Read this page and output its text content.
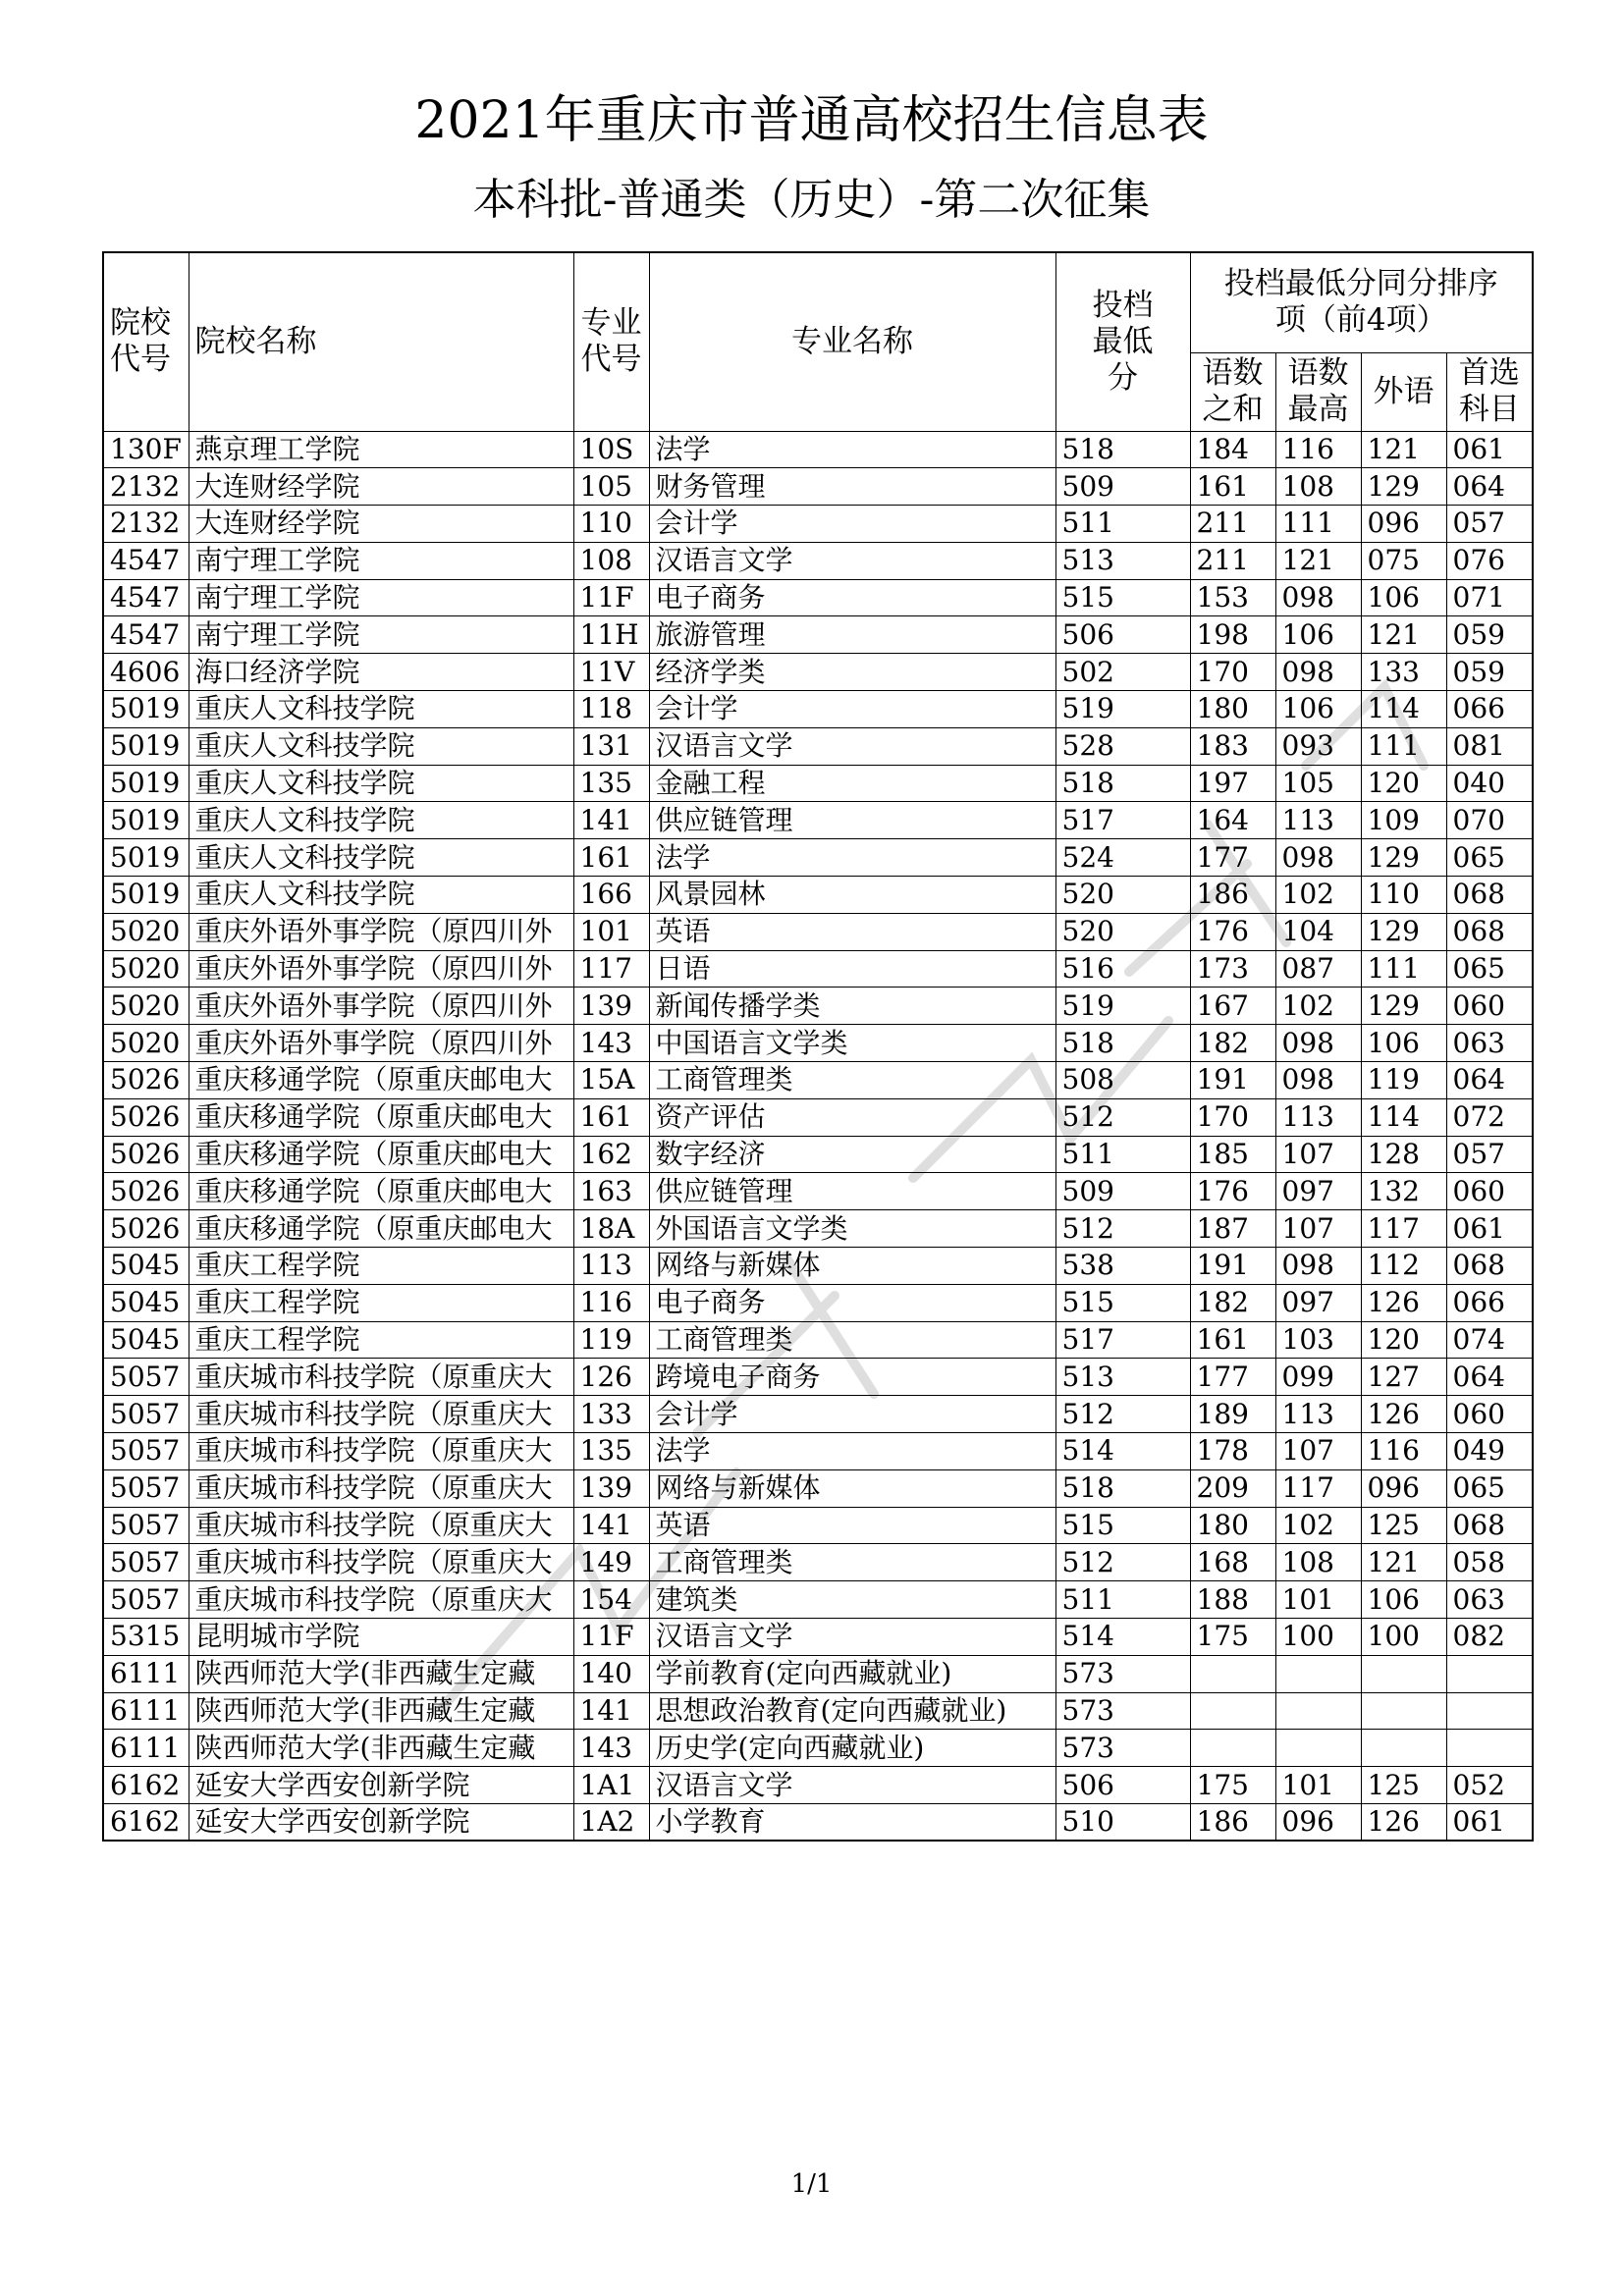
2021年重庆市普通高校招生信息表
本科批-普通类（历史）-第二次征集
院校代号	院校名称	专业代号	专业名称	投档最低分	投档最低分同分排序项（前4项）			
					语数之和	语数最高	外语	首选科目
130F	燕京理工学院	10S	法学	518	184	116	121	061
2132	大连财经学院	105	财务管理	509	161	108	129	064
2132	大连财经学院	110	会计学	511	211	111	096	057
4547	南宁理工学院	108	汉语言文学	513	211	121	075	076
4547	南宁理工学院	11F	电子商务	515	153	098	106	071
4547	南宁理工学院	11H	旅游管理	506	198	106	121	059
4606	海口经济学院	11V	经济学类	502	170	098	133	059
5019	重庆人文科技学院	118	会计学	519	180	106	114	066
5019	重庆人文科技学院	131	汉语言文学	528	183	093	111	081
5019	重庆人文科技学院	135	金融工程	518	197	105	120	040
5019	重庆人文科技学院	141	供应链管理	517	164	113	109	070
5019	重庆人文科技学院	161	法学	524	177	098	129	065
5019	重庆人文科技学院	166	风景园林	520	186	102	110	068
5020	重庆外语外事学院（原四川外	101	英语	520	176	104	129	068
5020	重庆外语外事学院（原四川外	117	日语	516	173	087	111	065
5020	重庆外语外事学院（原四川外	139	新闻传播学类	519	167	102	129	060
5020	重庆外语外事学院（原四川外	143	中国语言文学类	518	182	098	106	063
5026	重庆移通学院（原重庆邮电大	15A	工商管理类	508	191	098	119	064
5026	重庆移通学院（原重庆邮电大	161	资产评估	512	170	113	114	072
5026	重庆移通学院（原重庆邮电大	162	数字经济	511	185	107	128	057
5026	重庆移通学院（原重庆邮电大	163	供应链管理	509	176	097	132	060
5026	重庆移通学院（原重庆邮电大	18A	外国语言文学类	512	187	107	117	061
5045	重庆工程学院	113	网络与新媒体	538	191	098	112	068
5045	重庆工程学院	116	电子商务	515	182	097	126	066
5045	重庆工程学院	119	工商管理类	517	161	103	120	074
5057	重庆城市科技学院（原重庆大	126	跨境电子商务	513	177	099	127	064
5057	重庆城市科技学院（原重庆大	133	会计学	512	189	113	126	060
5057	重庆城市科技学院（原重庆大	135	法学	514	178	107	116	049
5057	重庆城市科技学院（原重庆大	139	网络与新媒体	518	209	117	096	065
5057	重庆城市科技学院（原重庆大	141	英语	515	180	102	125	068
5057	重庆城市科技学院（原重庆大	149	工商管理类	512	168	108	121	058
5057	重庆城市科技学院（原重庆大	154	建筑类	511	188	101	106	063
5315	昆明城市学院	11F	汉语言文学	514	175	100	100	082
6111	陕西师范大学(非西藏生定藏	140	学前教育(定向西藏就业)	573				
6111	陕西师范大学(非西藏生定藏	141	思想政治教育(定向西藏就业)	573				
6111	陕西师范大学(非西藏生定藏	143	历史学(定向西藏就业)	573				
6162	延安大学西安创新学院	1A1	汉语言文学	506	175	101	125	052
6162	延安大学西安创新学院	1A2	小学教育	510	186	096	126	061
1/1
